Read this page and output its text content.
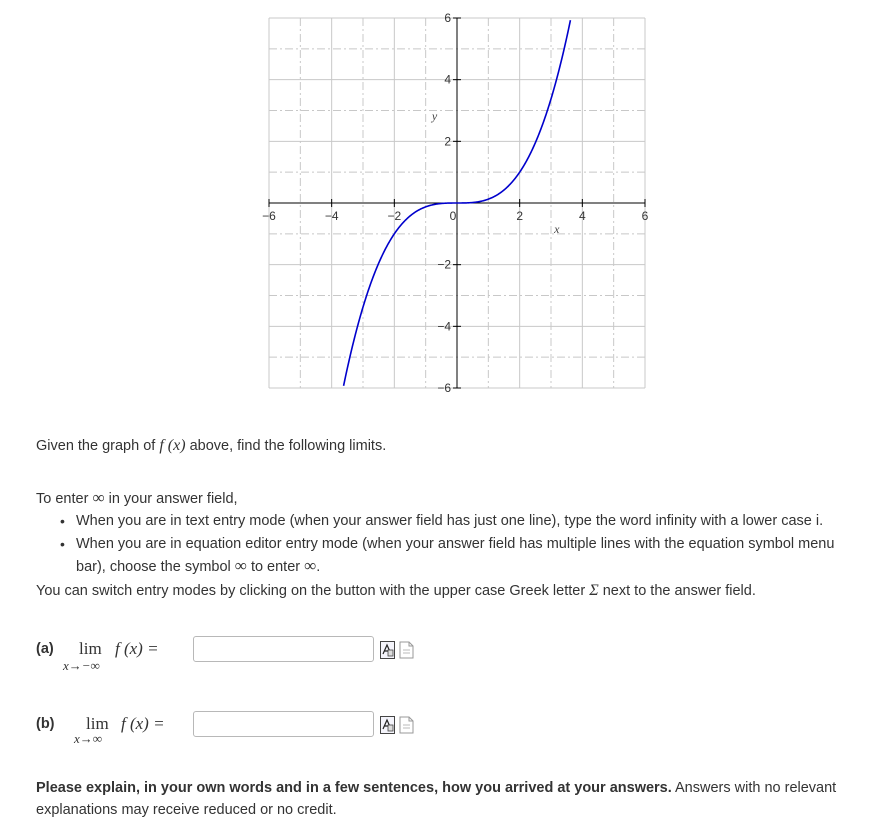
−6	−4	−2	0	2	4	6
6
4
2
−2
−4
−6
x
y
Given the graph of f (x) above, find the following limits.
To enter ∞ in your answer field,
• When you are in text entry mode (when your answer field has just one line), type the word infinity with a lower case i.
• When you are in equation editor entry mode (when your answer field has multiple lines with the equation symbol menu
bar), choose the symbol ∞ to enter ∞.
You can switch entry modes by clicking on the button with the upper case Greek letter Σ next to the answer field.
(a) lim
x→−∞
f (x) =
(b) lim
x→∞
f (x) =
Please explain, in your own words and in a few sentences, how you arrived at your answers. Answers with no relevant
explanations may receive reduced or no credit.
